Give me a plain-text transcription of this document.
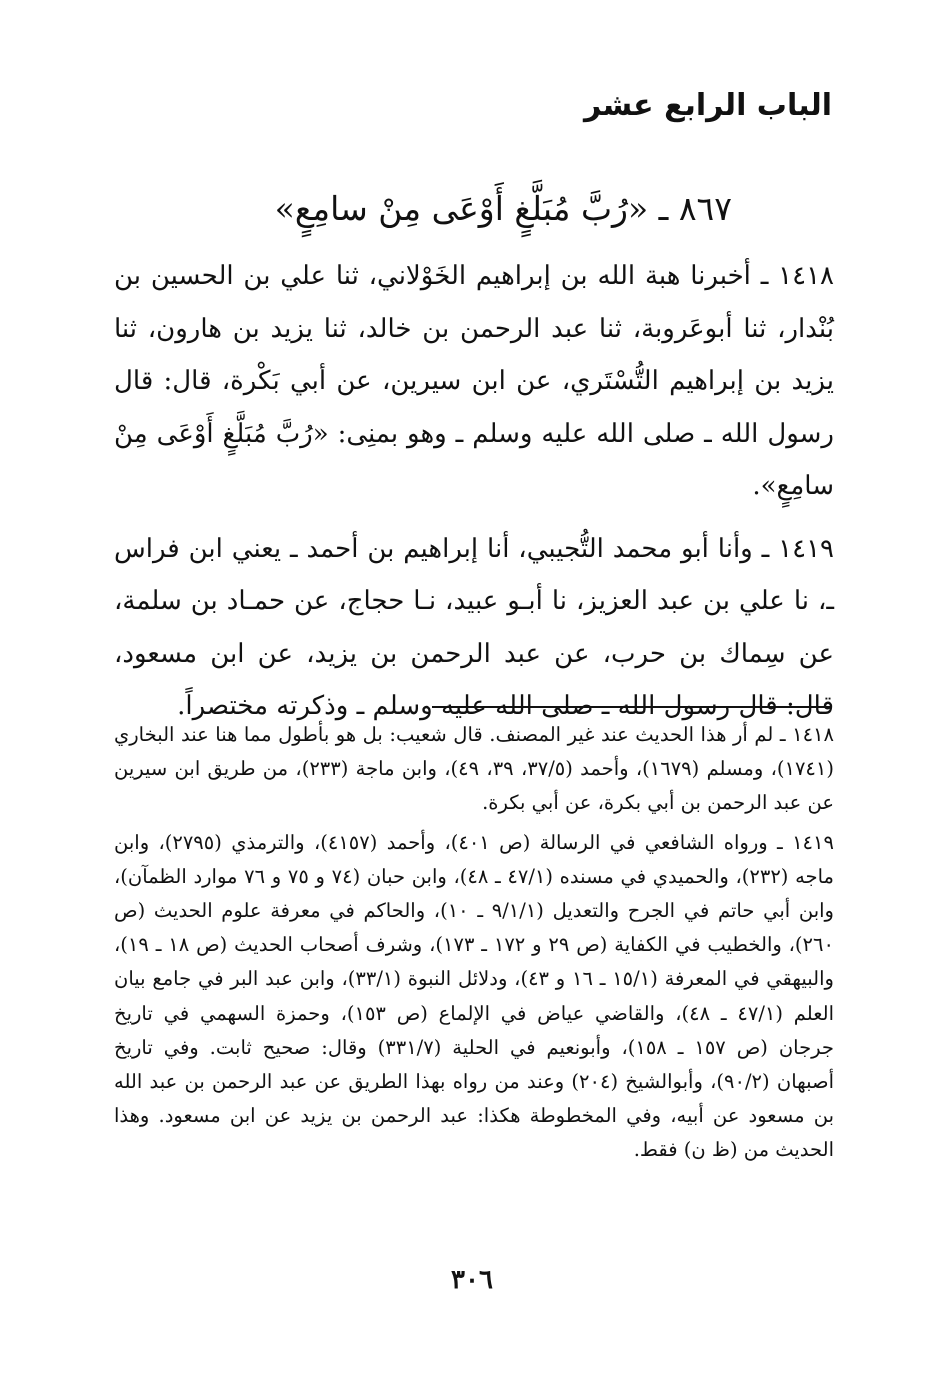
الباب الرابع عشر
٨٦٧ ـ «رُبَّ مُبَلَّغٍ أَوْعَى مِنْ سامِعٍ»

١٤١٨ ـ أخبرنا هبة الله بن إبراهيم الخَوْلاني، ثنا علي بن الحسين بن بُنْدار، ثنا أبوعَروبة، ثنا عبد الرحمن بن خالد، ثنا يزيد بن هارون، ثنا يزيد بن إبراهيم التُّسْتَري، عن ابن سيرين، عن أبي بَكْرة، قال: قال رسول الله ـ صلى الله عليه وسلم ـ وهو بمنِى: «رُبَّ مُبَلَّغٍ أَوْعَى مِنْ سامِعٍ».

١٤١٩ ـ وأنا أبو محمد التُّجيبي، أنا إبراهيم بن أحمد ـ يعني ابن فراس ـ، نا علي بن عبد العزيز، نا أبـو عبيد، نـا حجاج، عن حمـاد بن سلمة، عن سِماك بن حرب، عن عبد الرحمن بن يزيد، عن ابن مسعود، قال: قال رسول الله ـ صلى الله عليه وسلم ـ وذكرته مختصراً.

١٤١٨ ـ لم أر هذا الحديث عند غير المصنف. قال شعيب: بل هو بأطول مما هنا عند البخاري (١٧٤١)، ومسلم (١٦٧٩)، وأحمد (٣٧/٥، ٣٩، ٤٩)، وابن ماجة (٢٣٣)، من طريق ابن سيرين عن عبد الرحمن بن أبي بكرة، عن أبي بكرة.

١٤١٩ ـ ورواه الشافعي في الرسالة (ص ٤٠١)، وأحمد (٤١٥٧)، والترمذي (٢٧٩٥)، وابن ماجه (٢٣٢)، والحميدي في مسنده (٤٧/١ ـ ٤٨)، وابن حبان (٧٤ و ٧٥ و ٧٦ موارد الظمآن)، وابن أبي حاتم في الجرح والتعديل (٩/١/١ ـ ١٠)، والحاكم في معرفة علوم الحديث (ص ٢٦٠)، والخطيب في الكفاية (ص ٢٩ و ١٧٢ ـ ١٧٣)، وشرف أصحاب الحديث (ص ١٨ ـ ١٩)، والبيهقي في المعرفة (١٥/١ ـ ١٦ و ٤٣)، ودلائل النبوة (٣٣/١)، وابن عبد البر في جامع بيان العلم (٤٧/١ ـ ٤٨)، والقاضي عياض في الإلماع (ص ١٥٣)، وحمزة السهمي في تاريخ جرجان (ص ١٥٧ ـ ١٥٨)، وأبونعيم في الحلية (٣٣١/٧) وقال: صحيح ثابت. وفي تاريخ أصبهان (٩٠/٢)، وأبوالشيخ (٢٠٤) وعند من رواه بهذا الطريق عن عبد الرحمن بن عبد الله بن مسعود عن أبيه، وفي المخطوطة هكذا: عبد الرحمن بن يزيد عن ابن مسعود. وهذا الحديث من (ظ ن) فقط.

٣٠٦
